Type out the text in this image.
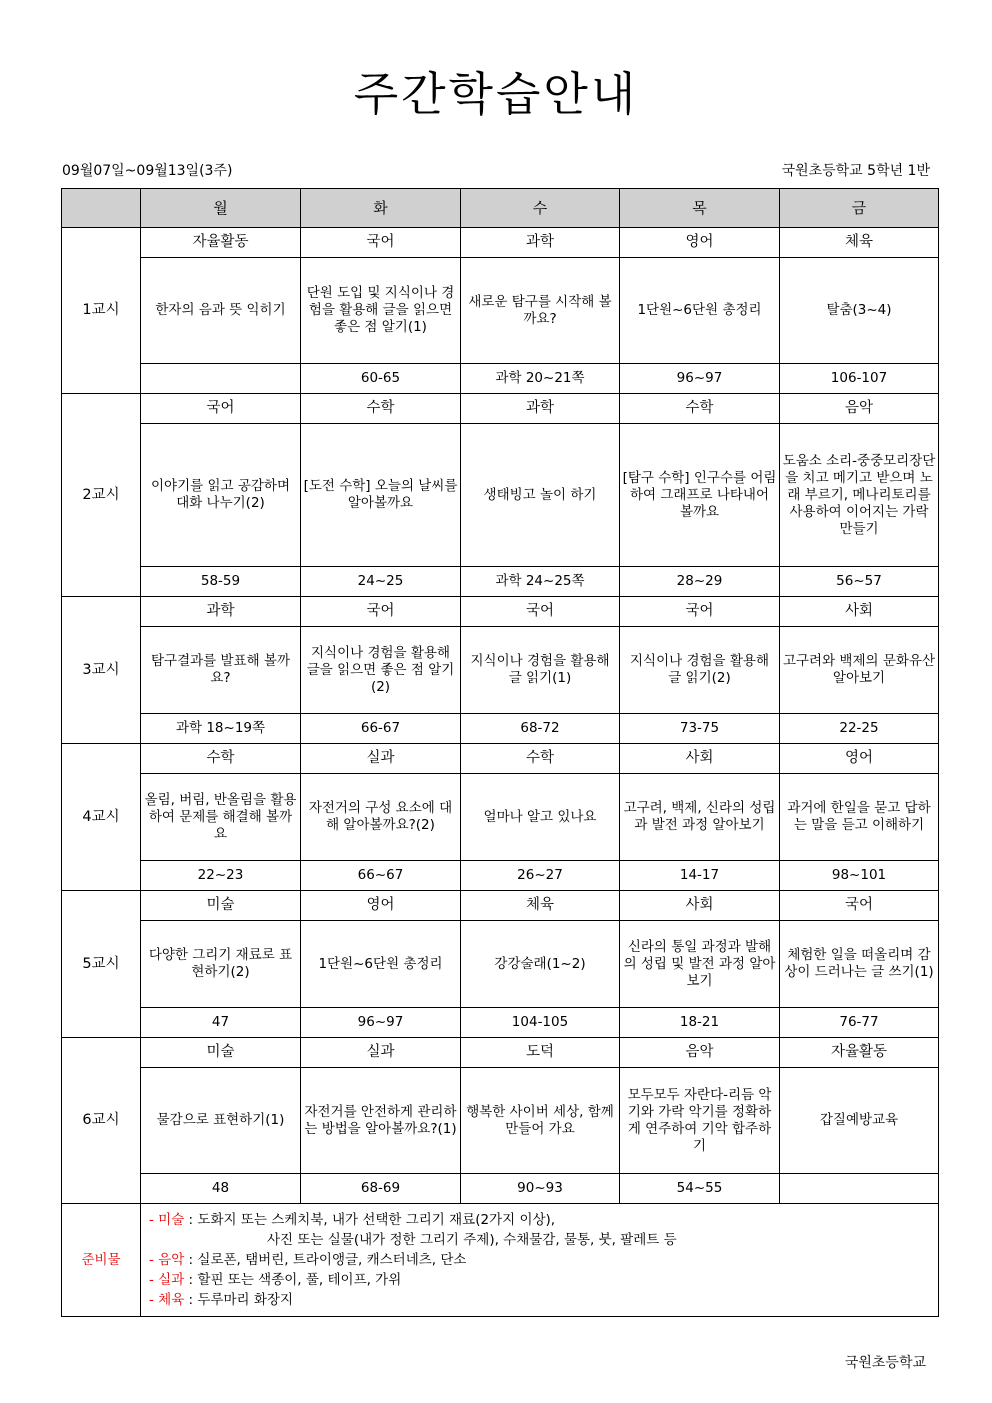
주간학습안내
09월07일~09월13일(3주)	국원초등학교 5학년 1반
	월	화	수	목	금
1교시	자율활동	국어	과학	영어	체육
	한자의 음과 뜻 익히기	단원 도입 및 지식이나 경험을 활용해 글을 읽으면 좋은 점 알기(1)	새로운 탐구를 시작해 볼까요?	1단원~6단원 총정리	탈춤(3~4)
		60-65	과학 20~21쪽	96~97	106-107
2교시	국어	수학	과학	수학	음악
	이야기를 읽고 공감하며 대화 나누기(2)	[도전 수학] 오늘의 날씨를 알아볼까요	생태빙고 놀이 하기	[탐구 수학] 인구수를 어림하여 그래프로 나타내어 볼까요	도움소 소리-중중모리장단을 치고 메기고 받으며 노래 부르기, 메나리토리를 사용하여 이어지는 가락 만들기
	58-59	24~25	과학 24~25쪽	28~29	56~57
3교시	과학	국어	국어	국어	사회
	탐구결과를 발표해 볼까요?	지식이나 경험을 활용해 글을 읽으면 좋은 점 알기(2)	지식이나 경험을 활용해 글 읽기(1)	지식이나 경험을 활용해 글 읽기(2)	고구려와 백제의 문화유산 알아보기
	과학 18~19쪽	66-67	68-72	73-75	22-25
4교시	수학	실과	수학	사회	영어
	올림, 버림, 반올림을 활용하여 문제를 해결해 볼까요	자전거의 구성 요소에 대해 알아볼까요?(2)	얼마나 알고 있나요	고구려, 백제, 신라의 성립과 발전 과정 알아보기	과거에 한일을 묻고 답하는 말을 듣고 이해하기
	22~23	66~67	26~27	14-17	98~101
5교시	미술	영어	체육	사회	국어
	다양한 그리기 재료로 표현하기(2)	1단원~6단원 총정리	강강술래(1~2)	신라의 통일 과정과 발해의 성립 및 발전 과정 알아보기	체험한 일을 떠올리며 감상이 드러나는 글 쓰기(1)
	47	96~97	104-105	18-21	76-77
6교시	미술	실과	도덕	음악	자율활동
	물감으로 표현하기(1)	자전거를 안전하게 관리하는 방법을 알아볼까요?(1)	행복한 사이버 세상, 함께 만들어 가요	모두모두 자란다-리듬 악기와 가락 악기를 정확하게 연주하여 기악 합주하기	갑질예방교육
	48	68-69	90~93	54~55	
준비물	- 미술 : 도화지 또는 스케치북, 내가 선택한 그리기 재료(2가지 이상),
사진 또는 실물(내가 정한 그리기 주제), 수채물감, 물통, 붓, 팔레트 등
- 음악 : 실로폰, 탬버린, 트라이앵글, 캐스터네츠, 단소
- 실과 : 할핀 또는 색종이, 풀, 테이프, 가위
- 체육 : 두루마리 화장지				
국원초등학교
